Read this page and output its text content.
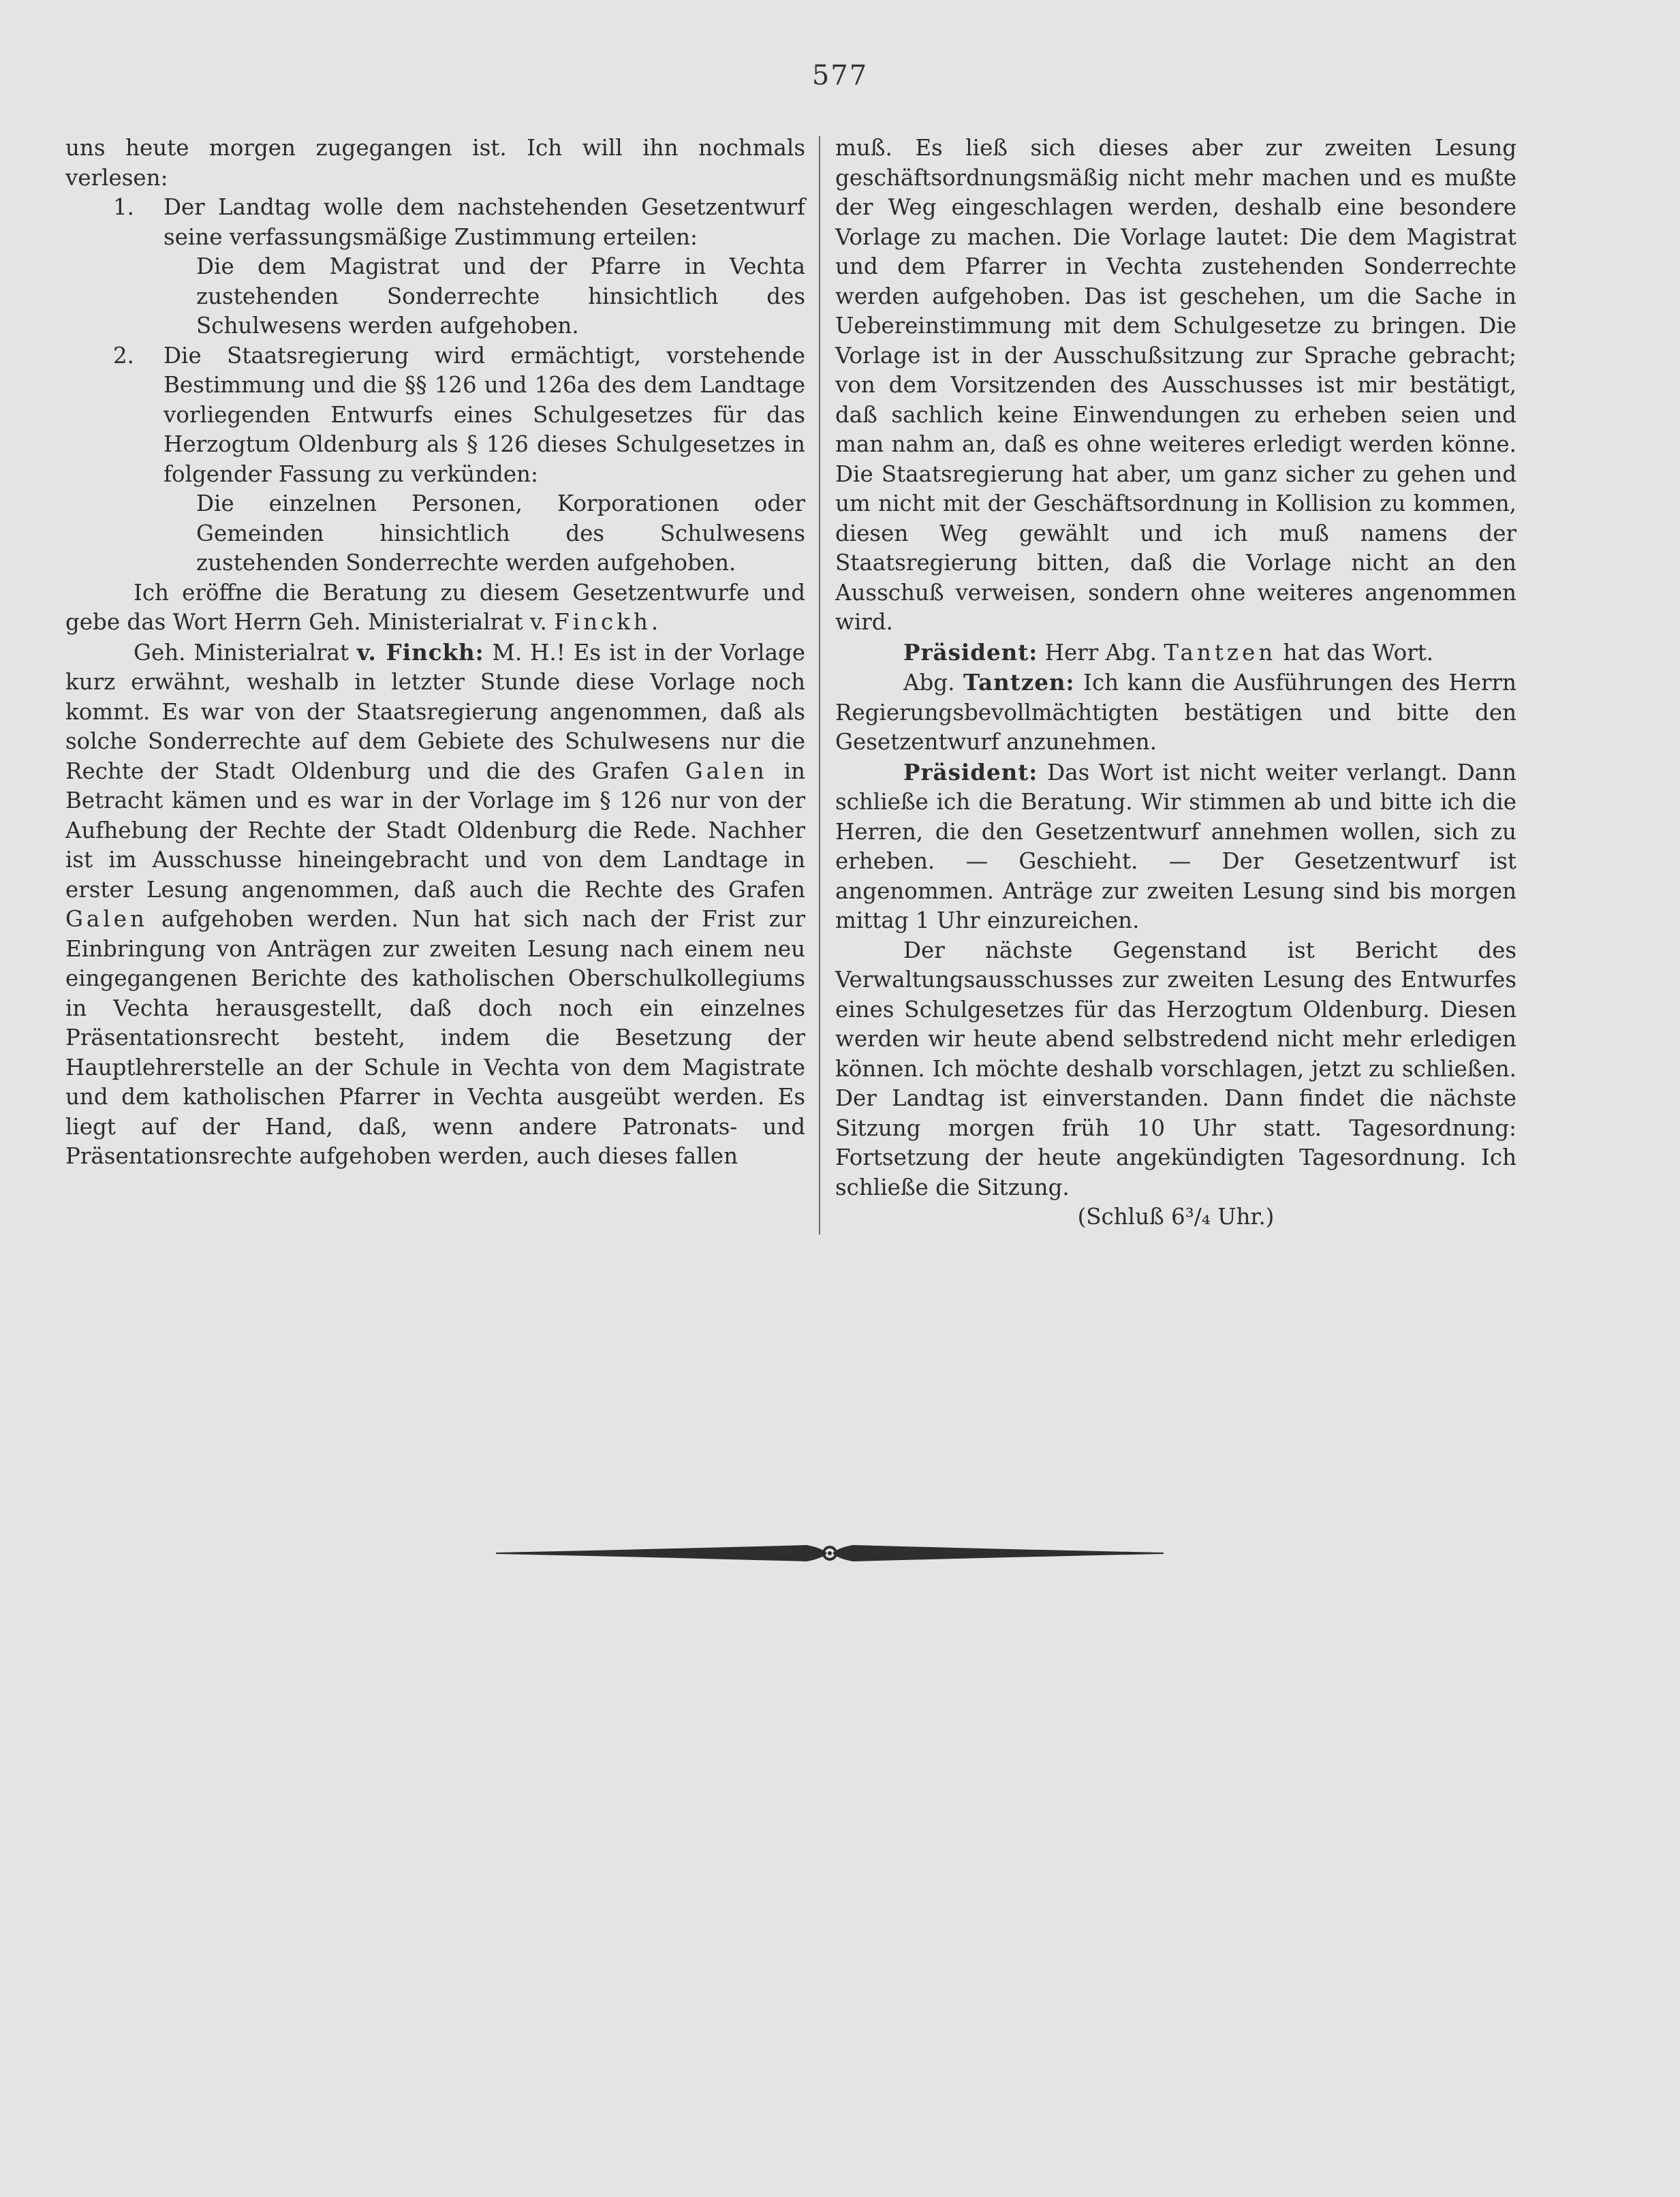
577

uns heute morgen zugegangen ist. Ich will ihn nochmals verlesen:

1. Der Landtag wolle dem nachstehenden Gesetzentwurf seine verfassungsmäßige Zustimmung erteilen:

Die dem Magistrat und der Pfarre in Vechta zustehenden Sonderrechte hinsichtlich des Schulwesens werden aufgehoben.

2. Die Staatsregierung wird ermächtigt, vorstehende Bestimmung und die §§ 126 und 126a des dem Landtage vorliegenden Entwurfs eines Schulgesetzes für das Herzogtum Oldenburg als § 126 dieses Schulgesetzes in folgender Fassung zu verkünden:

Die einzelnen Personen, Korporationen oder Gemeinden hinsichtlich des Schulwesens zustehenden Sonderrechte werden aufgehoben.

Ich eröffne die Beratung zu diesem Gesetzentwurfe und gebe das Wort Herrn Geh. Ministerialrat v. Finckh.

Geh. Ministerialrat v. Finckh: M. H.! Es ist in der Vorlage kurz erwähnt, weshalb in letzter Stunde diese Vorlage noch kommt. Es war von der Staatsregierung angenommen, daß als solche Sonderrechte auf dem Gebiete des Schulwesens nur die Rechte der Stadt Oldenburg und die des Grafen Galen in Betracht kämen und es war in der Vorlage im § 126 nur von der Aufhebung der Rechte der Stadt Oldenburg die Rede. Nachher ist im Ausschusse hineingebracht und von dem Landtage in erster Lesung angenommen, daß auch die Rechte des Grafen Galen aufgehoben werden. Nun hat sich nach der Frist zur Einbringung von Anträgen zur zweiten Lesung nach einem neu eingegangenen Berichte des katholischen Oberschulkollegiums in Vechta herausgestellt, daß doch noch ein einzelnes Präsentationsrecht besteht, indem die Besetzung der Hauptlehrerstelle an der Schule in Vechta von dem Magistrate und dem katholischen Pfarrer in Vechta ausgeübt werden. Es liegt auf der Hand, daß, wenn andere Patronats- und Präsentationsrechte aufgehoben werden, auch dieses fallen

muß. Es ließ sich dieses aber zur zweiten Lesung geschäftsordnungsmäßig nicht mehr machen und es mußte der Weg eingeschlagen werden, deshalb eine besondere Vorlage zu machen. Die Vorlage lautet: Die dem Magistrat und dem Pfarrer in Vechta zustehenden Sonderrechte werden aufgehoben. Das ist geschehen, um die Sache in Uebereinstimmung mit dem Schulgesetze zu bringen. Die Vorlage ist in der Ausschußsitzung zur Sprache gebracht; von dem Vorsitzenden des Ausschusses ist mir bestätigt, daß sachlich keine Einwendungen zu erheben seien und man nahm an, daß es ohne weiteres erledigt werden könne. Die Staatsregierung hat aber, um ganz sicher zu gehen und um nicht mit der Geschäftsordnung in Kollision zu kommen, diesen Weg gewählt und ich muß namens der Staatsregierung bitten, daß die Vorlage nicht an den Ausschuß verweisen, sondern ohne weiteres angenommen wird.

Präsident: Herr Abg. Tantzen hat das Wort.

Abg. Tantzen: Ich kann die Ausführungen des Herrn Regierungsbevollmächtigten bestätigen und bitte den Gesetzentwurf anzunehmen.

Präsident: Das Wort ist nicht weiter verlangt. Dann schließe ich die Beratung. Wir stimmen ab und bitte ich die Herren, die den Gesetzentwurf annehmen wollen, sich zu erheben. — Geschieht. — Der Gesetzentwurf ist angenommen. Anträge zur zweiten Lesung sind bis morgen mittag 1 Uhr einzureichen.

Der nächste Gegenstand ist Bericht des Verwaltungsausschusses zur zweiten Lesung des Entwurfes eines Schulgesetzes für das Herzogtum Oldenburg. Diesen werden wir heute abend selbstredend nicht mehr erledigen können. Ich möchte deshalb vorschlagen, jetzt zu schließen. Der Landtag ist einverstanden. Dann findet die nächste Sitzung morgen früh 10 Uhr statt. Tagesordnung: Fortsetzung der heute angekündigten Tagesordnung. Ich schließe die Sitzung.

(Schluß 6³/₄ Uhr.)
